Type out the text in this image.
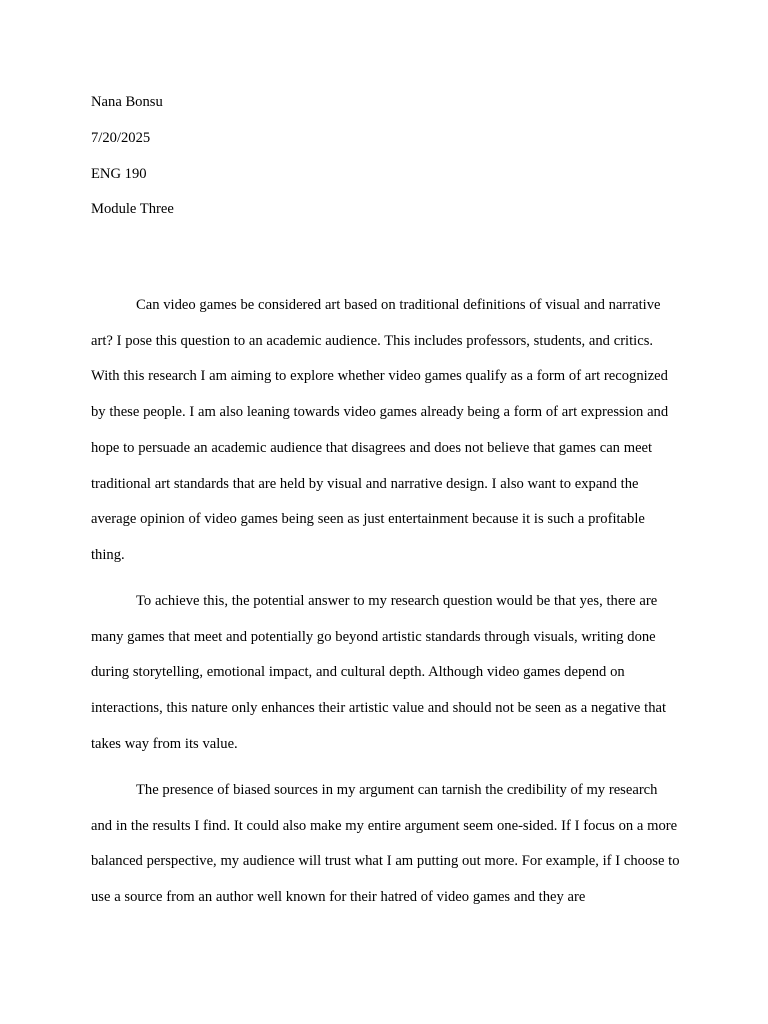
Nana Bonsu
7/20/2025
ENG 190
Module Three

Can video games be considered art based on traditional definitions of visual and narrative art? I pose this question to an academic audience. This includes professors, students, and critics. With this research I am aiming to explore whether video games qualify as a form of art recognized by these people. I am also leaning towards video games already being a form of art expression and hope to persuade an academic audience that disagrees and does not believe that games can meet traditional art standards that are held by visual and narrative design. I also want to expand the average opinion of video games being seen as just entertainment because it is such a profitable thing.

To achieve this, the potential answer to my research question would be that yes, there are many games that meet and potentially go beyond artistic standards through visuals, writing done during storytelling, emotional impact, and cultural depth. Although video games depend on interactions, this nature only enhances their artistic value and should not be seen as a negative that takes way from its value.

The presence of biased sources in my argument can tarnish the credibility of my research and in the results I find. It could also make my entire argument seem one-sided. If I focus on a more balanced perspective, my audience will trust what I am putting out more. For example, if I choose to use a source from an author well known for their hatred of video games and they are
